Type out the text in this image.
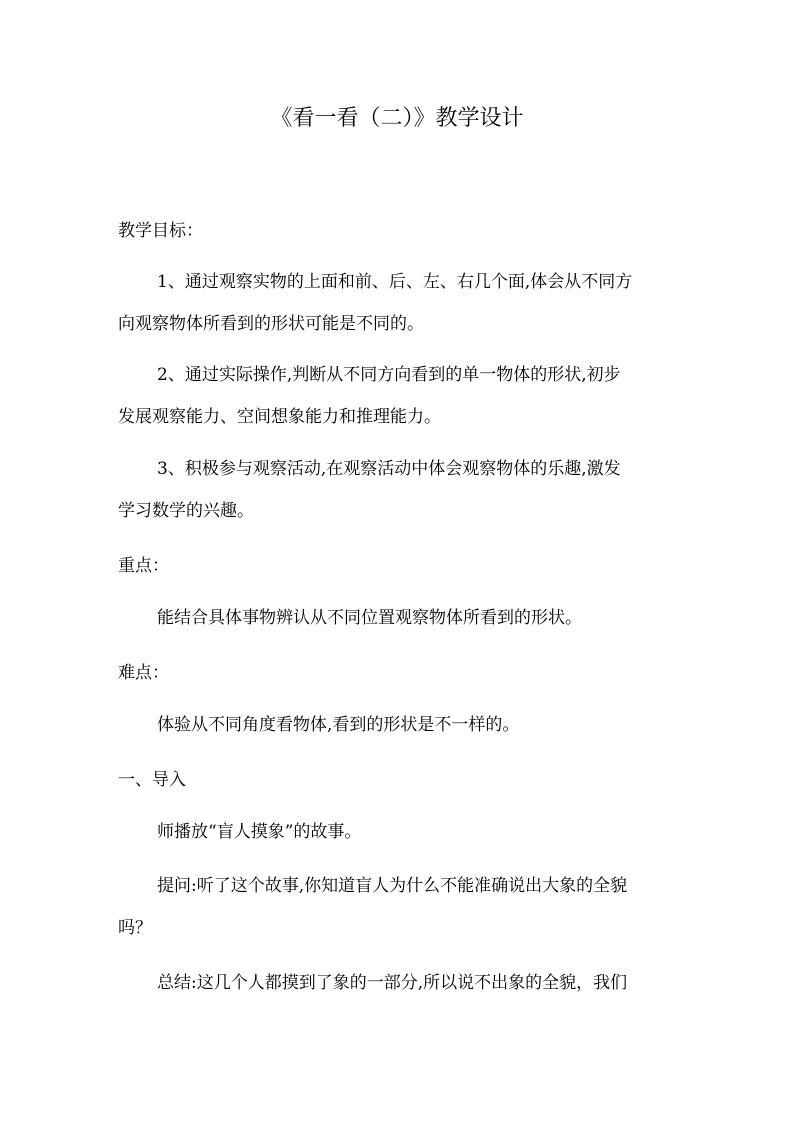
《看一看（二）》教学设计
教学目标：
1、通过观察实物的上面和前、后、左、右几个面,体会从不同方
向观察物体所看到的形状可能是不同的。
2、通过实际操作,判断从不同方向看到的单一物体的形状,初步
发展观察能力、空间想象能力和推理能力。
3、积极参与观察活动,在观察活动中体会观察物体的乐趣,激发
学习数学的兴趣。
重点：
能结合具体事物辨认从不同位置观察物体所看到的形状。
难点：
体验从不同角度看物体,看到的形状是不一样的。
一、导入
师播放“盲人摸象”的故事。
提问:听了这个故事,你知道盲人为什么不能准确说出大象的全貌
吗？
总结:这几个人都摸到了象的一部分,所以说不出象的全貌，我们
